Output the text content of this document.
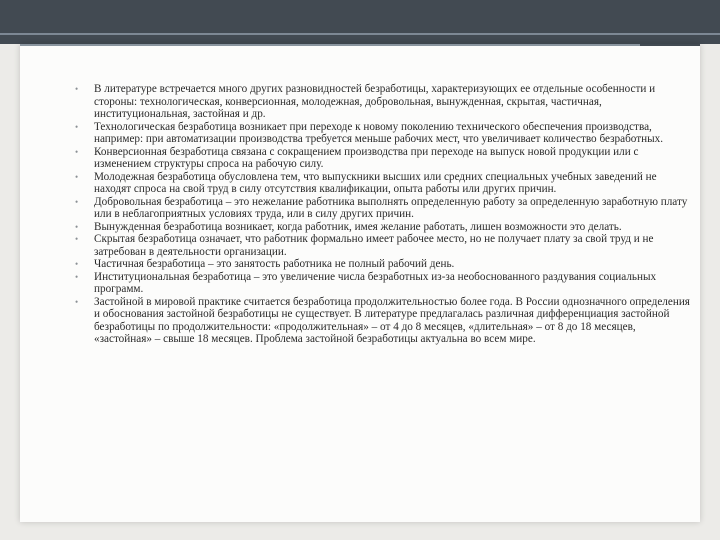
• В литературе встречается много других разновидностей безработицы, характеризующих ее отдельные особенности и стороны: технологическая, конверсионная, молодежная, добровольная, вынужденная, скрытая, частичная, институциональная, застойная и др.
• Технологическая безработица возникает при переходе к новому поколению технического обеспечения производства, например: при автоматизации производства требуется меньше рабочих мест, что увеличивает количество безработных.
• Конверсионная безработица связана с сокращением производства при переходе на выпуск новой продукции или с изменением структуры спроса на рабочую силу.
• Молодежная безработица обусловлена тем, что выпускники высших или средних специальных учебных заведений не находят спроса на свой труд в силу отсутствия квалификации, опыта работы или других причин.
• Добровольная безработица – это нежелание работника выполнять определенную работу за определенную заработную плату или в неблагоприятных условиях труда, или в силу других причин.
• Вынужденная безработица возникает, когда работник, имея желание работать, лишен возможности это делать.
• Скрытая безработица означает, что работник формально имеет рабочее место, но не получает плату за свой труд и не затребован в деятельности организации.
• Частичная безработица – это занятость работника не полный рабочий день.
• Институциональная безработица – это увеличение числа безработных из-за необоснованного раздувания социальных программ.
• Застойной в мировой практике считается безработица продолжительностью более года. В России однозначного определения и обоснования застойной безработицы не существует. В литературе предлагалась различная дифференциация застойной безработицы по продолжительности: «продолжительная» – от 4 до 8 месяцев, «длительная» – от 8 до 18 месяцев, «застойная» – свыше 18 месяцев. Проблема застойной безработицы актуальна во всем мире.
